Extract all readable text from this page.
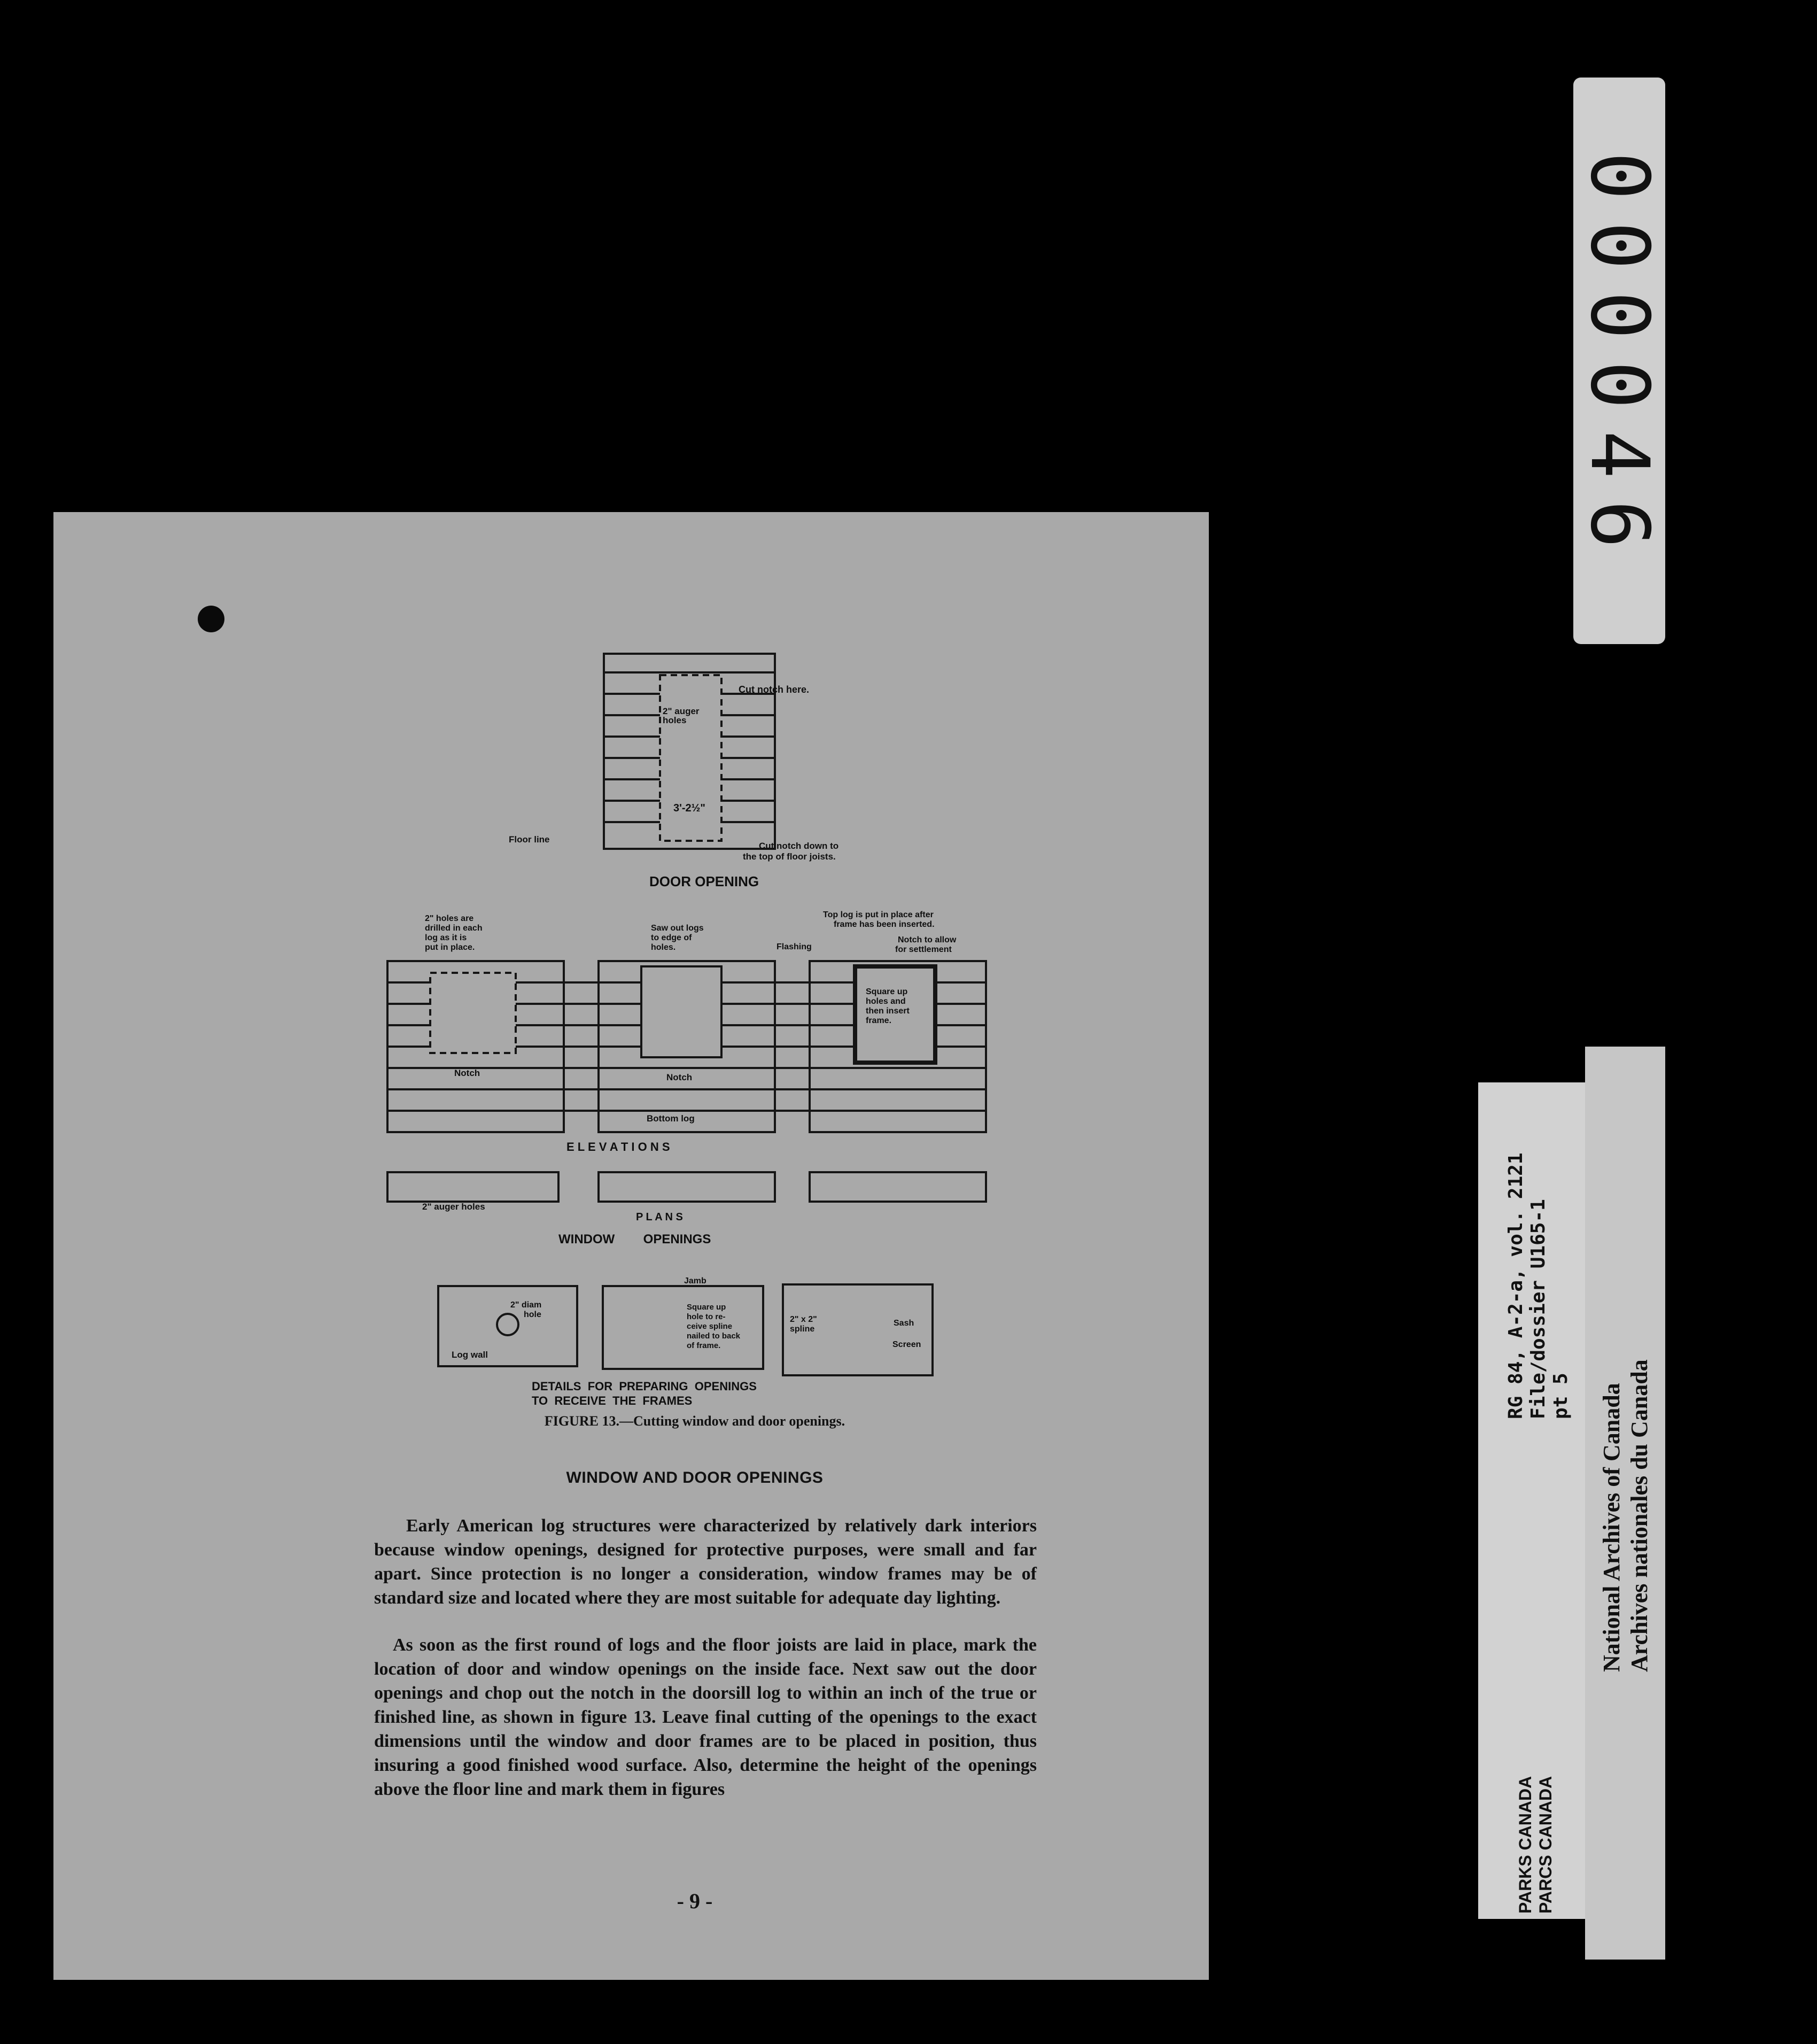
DOOR OPENING
Cut notch here.
2" auger
holes
3'-2½"
Floor line
Cut notch down to
the top of floor joists.
2" holes are
drilled in each
log as it is
put in place.
Saw out logs
to edge of
holes.
Top log is put in place after
frame has been inserted.
Flashing
Notch to allow
for settlement
Square up
holes and
then insert
frame.
Notch	Notch
Bottom log
E L E V A T I O N S
2" auger holes
P L A N S
WINDOW        OPENINGS
2" diam
hole
Log wall
Jamb
Square up
hole to re-
ceive spline
nailed to back
of frame.
2" x 2"
spline
Sash
Screen
DETAILS  FOR  PREPARING  OPENINGS
TO  RECEIVE  THE  FRAMES

FIGURE 13.—Cutting window and door openings.

WINDOW AND DOOR OPENINGS

Early American log structures were characterized by relatively dark interiors because window openings, designed for protective purposes, were small and far apart. Since protection is no longer a consideration, window frames may be of standard size and located where they are most suitable for adequate day lighting.

As soon as the first round of logs and the floor joists are laid in place, mark the location of door and window openings on the inside face. Next saw out the door openings and chop out the notch in the doorsill log to within an inch of the true or finished line, as shown in figure 13. Leave final cutting of the openings to the exact dimensions until the window and door frames are to be placed in position, thus insuring a good finished wood surface. Also, determine the height of the openings above the floor line and mark them in figures

- 9 -

000046
RG 84, A-2-a, vol. 2121 File/dossier U165-1 pt 5
PARKS CANADA PARCS CANADA
National Archives of Canada Archives nationales du Canada
